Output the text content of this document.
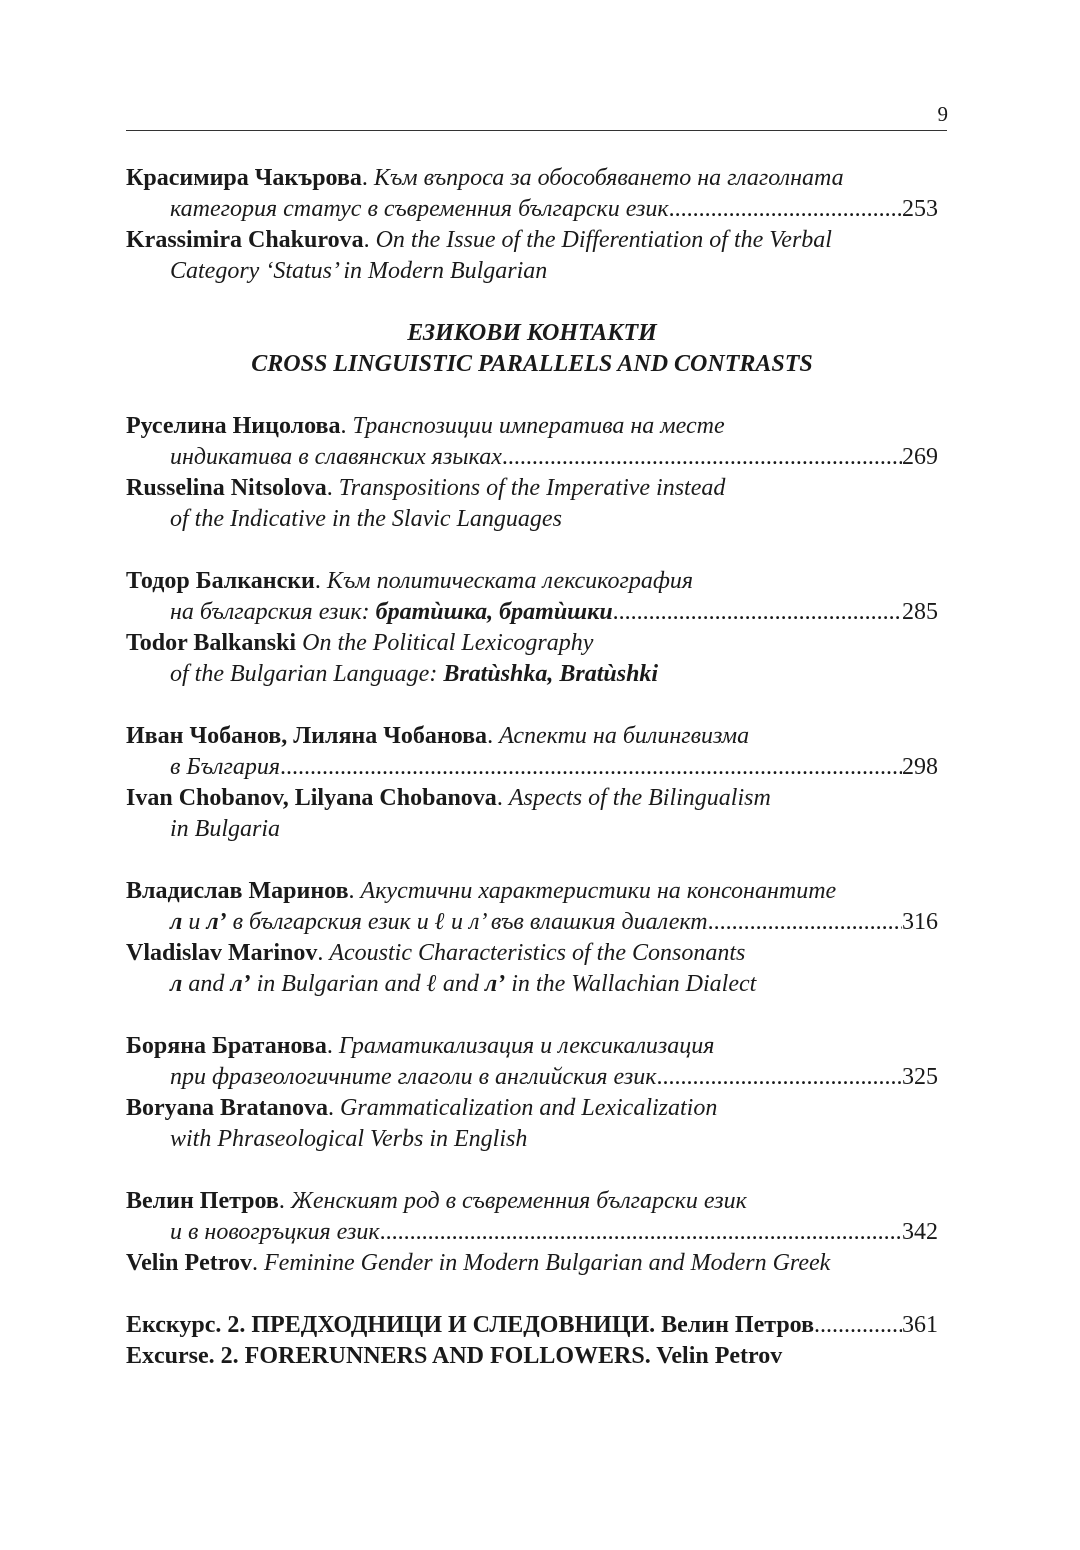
9
Красимира Чакърова. Към въпроса за обособяването на глаголната
категория статус в съвременния български език .....	253
Krassimira Chakurova. On the Issue of the Differentiation of the Verbal
Category ‘Status’ in Modern Bulgarian
ЕЗИКОВИ КОНТАКТИ
CROSS LINGUISTIC PARALLELS AND CONTRASTS
Руселина Ницолова. Транспозиции императива на месте
индикатива в славянских языках .....	269
Russelina Nitsolova. Transpositions of the Imperative instead
of the Indicative in the Slavic Languages
Тодор Балкански. Към политическата лексикография
на българския език: братѝшка, братѝшки .....	285
Todor Balkanski On the Political Lexicography
of the Bulgarian Language: Bratùshka, Bratùshki
Иван Чобанов, Лиляна Чобанова. Аспекти на билингвизма
в България .....	298
Ivan Chobanov, Lilyana Chobanova. Aspects of the Bilingualism
in Bulgaria
Владислав Маринов. Акустични характеристики на консонантите
л и л’ в българския език и ℓ и л’ във влашкия диалект .....	316
Vladislav Marinov. Acoustic Characteristics of the Consonants
л and л’ in Bulgarian and ℓ and л’ in the Wallachian Dialect
Боряна Братанова. Граматикализация и лексикализация
при фразеологичните глаголи в английския език .....	325
Boryana Bratanova. Grammaticalization and Lexicalization
with Phraseological Verbs in English
Велин Петров. Женският род в съвременния български език
и в новогръцкия език .....	342
Velin Petrov. Feminine Gender in Modern Bulgarian and Modern Greek
Екскурс. 2. ПРЕДХОДНИЦИ И СЛЕДОВНИЦИ. Велин Петров .....	361
Excurse. 2. FORERUNNERS AND FOLLOWERS. Velin Petrov
